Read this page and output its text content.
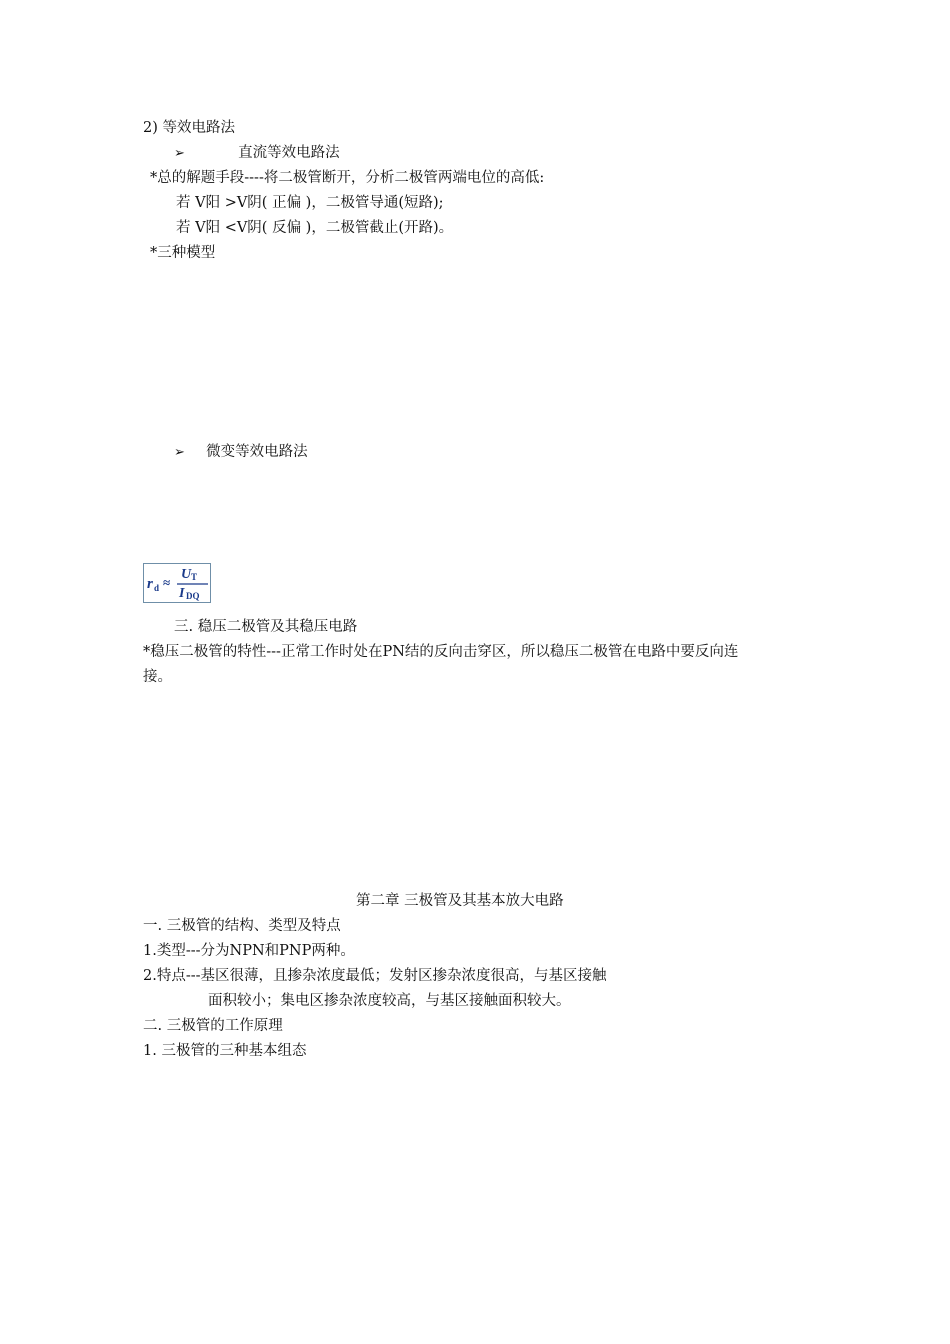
2) 等效电路法
➢	直流等效电路法
*总的解题手段----将二极管断开，分析二极管两端电位的高低:
若 V阳 >V阴( 正偏 )，二极管导通(短路);
若 V阳 <V阴( 反偏 )，二极管截止(开路)。
*三种模型
➢ 微变等效电路法
r d ≈
U T
I DQ
三. 稳压二极管及其稳压电路
*稳压二极管的特性---正常工作时处在PN结的反向击穿区，所以稳压二极管在电路中要反向连
接。
第二章 三极管及其基本放大电路
一. 三极管的结构、类型及特点
1.类型---分为NPN和PNP两种。
2.特点---基区很薄，且掺杂浓度最低；发射区掺杂浓度很高，与基区接触
面积较小；集电区掺杂浓度较高，与基区接触面积较大。
二. 三极管的工作原理
1. 三极管的三种基本组态
